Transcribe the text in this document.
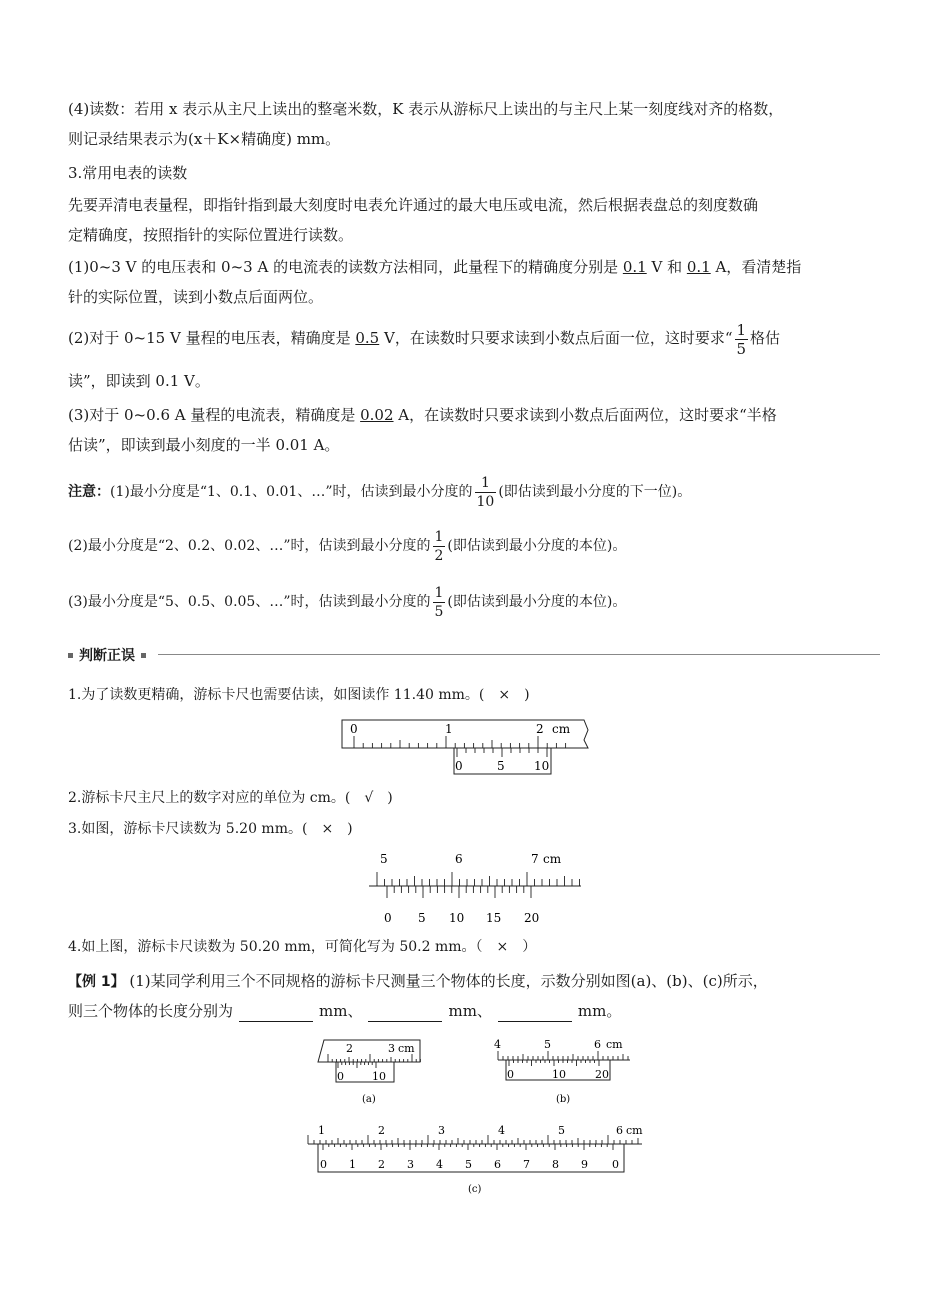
(4)读数：若用 x 表示从主尺上读出的整毫米数，K 表示从游标尺上读出的与主尺上某一刻度线对齐的格数，
则记录结果表示为(x＋K×精确度) mm。
3.常用电表的读数
先要弄清电表量程，即指针指到最大刻度时电表允许通过的最大电压或电流，然后根据表盘总的刻度数确
定精确度，按照指针的实际位置进行读数。
(1)0~3 V 的电压表和 0~3 A 的电流表的读数方法相同，此量程下的精确度分别是 0.1 V 和 0.1 A，看清楚指
针的实际位置，读到小数点后面两位。
(2)对于 0~15 V 量程的电压表，精确度是 0.5 V，在读数时只要求读到小数点后面一位，这时要求“ $\frac{1}{5}$ 格估
读”，即读到 0.1 V。
(3)对于 0~0.6 A 量程的电流表，精确度是 0.02 A，在读数时只要求读到小数点后面两位，这时要求“半格
估读”，即读到最小刻度的一半 0.01 A。
注意：(1)最小分度是“1、0.1、0.01、…”时，估读到最小分度的 $\frac{1}{10}$ (即估读到最小分度的下一位)。
(2)最小分度是“2、0.2、0.02、…”时，估读到最小分度的 $\frac{1}{2}$ (即估读到最小分度的本位)。
(3)最小分度是“5、0.5、0.05、…”时，估读到最小分度的 $\frac{1}{5}$ (即估读到最小分度的本位)。
判断正误
1.为了读数更精确，游标卡尺也需要估读，如图读作 11.40 mm。(　×　)
0	1	2 cm
0	5 10
2.游标卡尺主尺上的数字对应的单位为 cm。(　√　)
3.如图，游标卡尺读数为 5.20 mm。(　×　)
5	6	7 cm
0 5 10 15 20
4.如上图，游标卡尺读数为 50.20 mm，可简化写为 50.2 mm。（　×　）
【例 1】 (1)某同学利用三个不同规格的游标卡尺测量三个物体的长度，示数分别如图(a)、(b)、(c)所示，
则三个物体的长度分别为	mm、	mm、	mm。
2	3 cm
0	10
(a)
4	5	6 cm
0	10	20
(b)
1	2	3	4	5	6 cm
0 1 2 3 4 5 6 7 8 9 0
(c)
